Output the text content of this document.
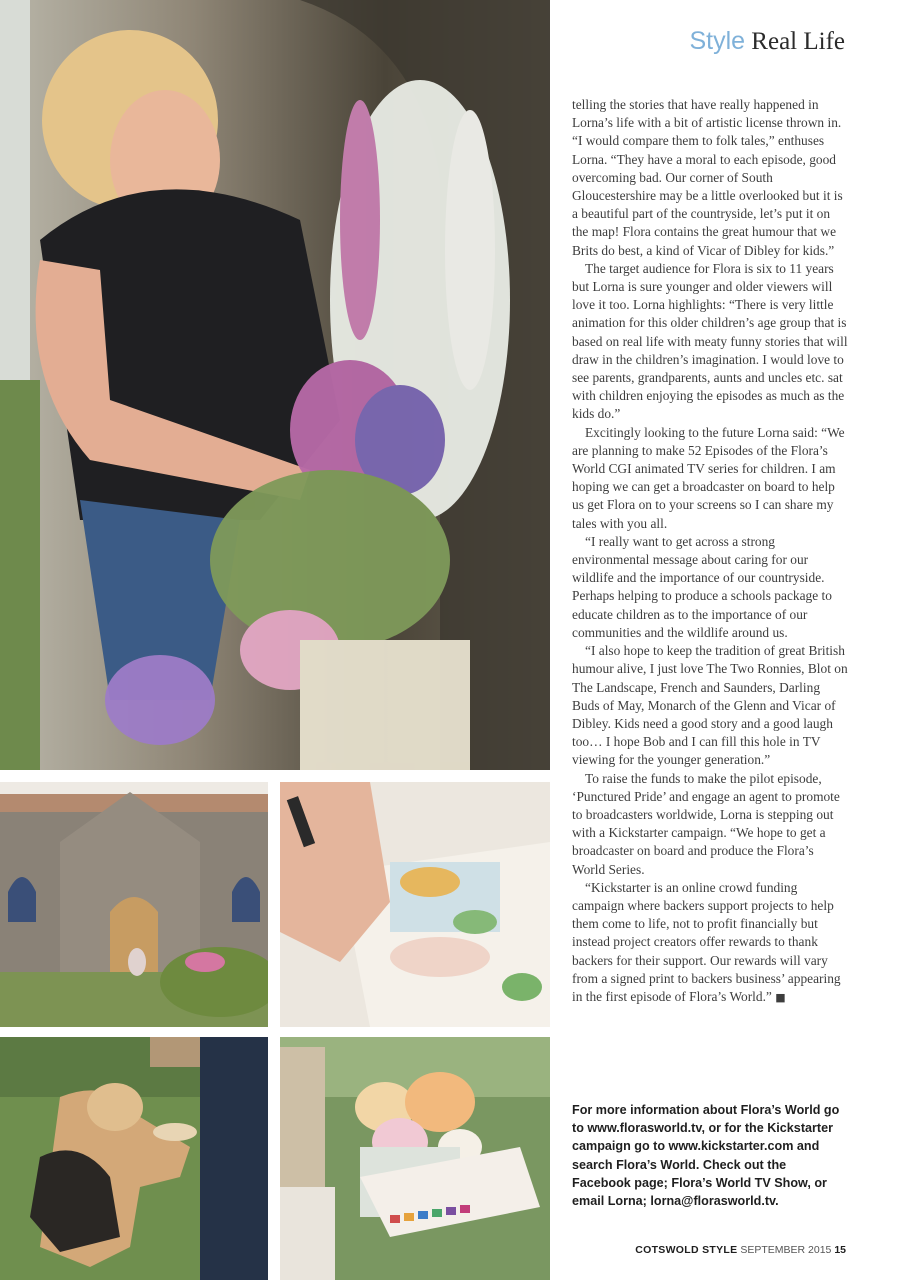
Style Real Life

telling the stories that have really happened in Lorna’s life with a bit of artistic license thrown in. “I would compare them to folk tales,” enthuses Lorna. “They have a moral to each episode, good overcoming bad. Our corner of South Gloucestershire may be a little overlooked but it is a beautiful part of the countryside, let’s put it on the map! Flora contains the great humour that we Brits do best, a kind of Vicar of Dibley for kids.”

The target audience for Flora is six to 11 years but Lorna is sure younger and older viewers will love it too. Lorna highlights: “There is very little animation for this older children’s age group that is based on real life with meaty funny stories that will draw in the children’s imagination. I would love to see parents, grandparents, aunts and uncles etc. sat with children enjoying the episodes as much as the kids do.”

Excitingly looking to the future Lorna said: “We are planning to make 52 Episodes of the Flora’s World CGI animated TV series for children. I am hoping we can get a broadcaster on board to help us get Flora on to your screens so I can share my tales with you all.

“I really want to get across a strong environmental message about caring for our wildlife and the importance of our countryside. Perhaps helping to produce a schools package to educate children as to the importance of our communities and the wildlife around us.

“I also hope to keep the tradition of great British humour alive, I just love The Two Ronnies, Blot on The Landscape, French and Saunders, Darling Buds of May, Monarch of the Glenn and Vicar of Dibley. Kids need a good story and a good laugh too… I hope Bob and I can fill this hole in TV viewing for the younger generation.”

To raise the funds to make the pilot episode, ‘Punctured Pride’ and engage an agent to promote to broadcasters worldwide, Lorna is stepping out with a Kickstarter campaign. “We hope to get a broadcaster on board and produce the Flora’s World Series.

“Kickstarter is an online crowd funding campaign where backers support projects to help them come to life, not to profit financially but instead project creators offer rewards to thank backers for their support. Our rewards will vary from a signed print to backers business’ appearing in the first episode of Flora’s World.” ■

For more information about Flora’s World go to www.florasworld.tv, or for the Kickstarter campaign go to www.kickstarter.com and search Flora’s World. Check out the Facebook page; Flora’s World TV Show, or email Lorna; lorna@florasworld.tv.

COTSWOLD STYLE SEPTEMBER 2015 15
